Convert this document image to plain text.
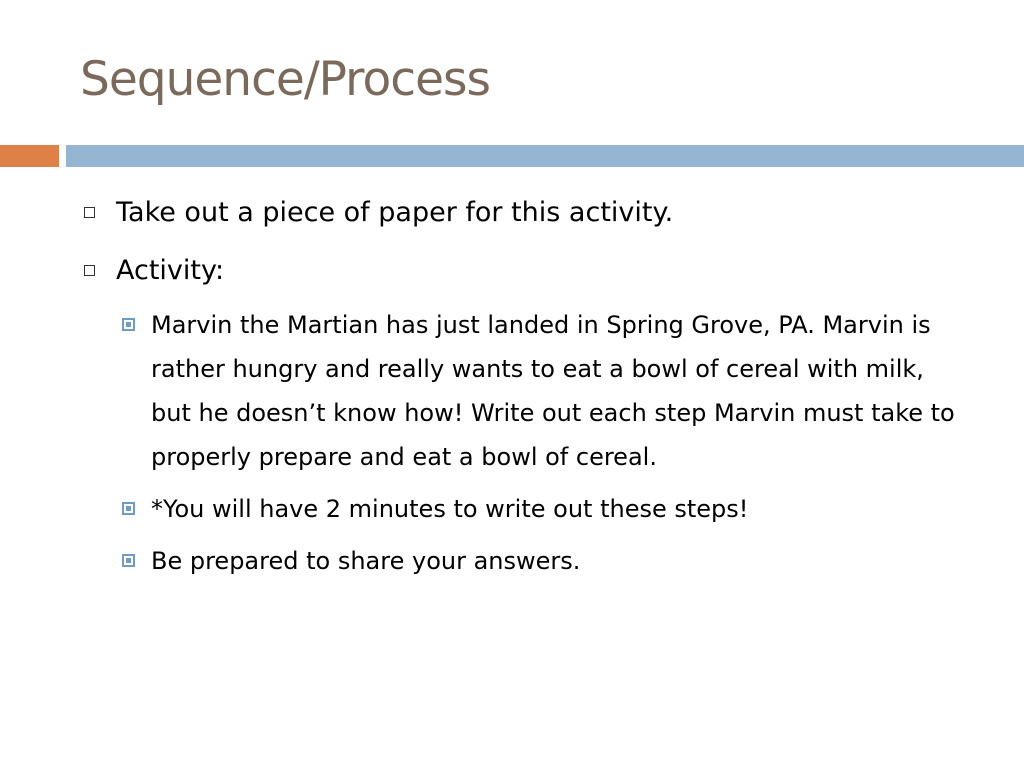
Sequence/Process
Take out a piece of paper for this activity.
Activity:
Marvin the Martian has just landed in Spring Grove, PA. Marvin is rather hungry and really wants to eat a bowl of cereal with milk, but he doesn’t know how! Write out each step Marvin must take to properly prepare and eat a bowl of cereal.
*You will have 2 minutes to write out these steps!
Be prepared to share your answers.
